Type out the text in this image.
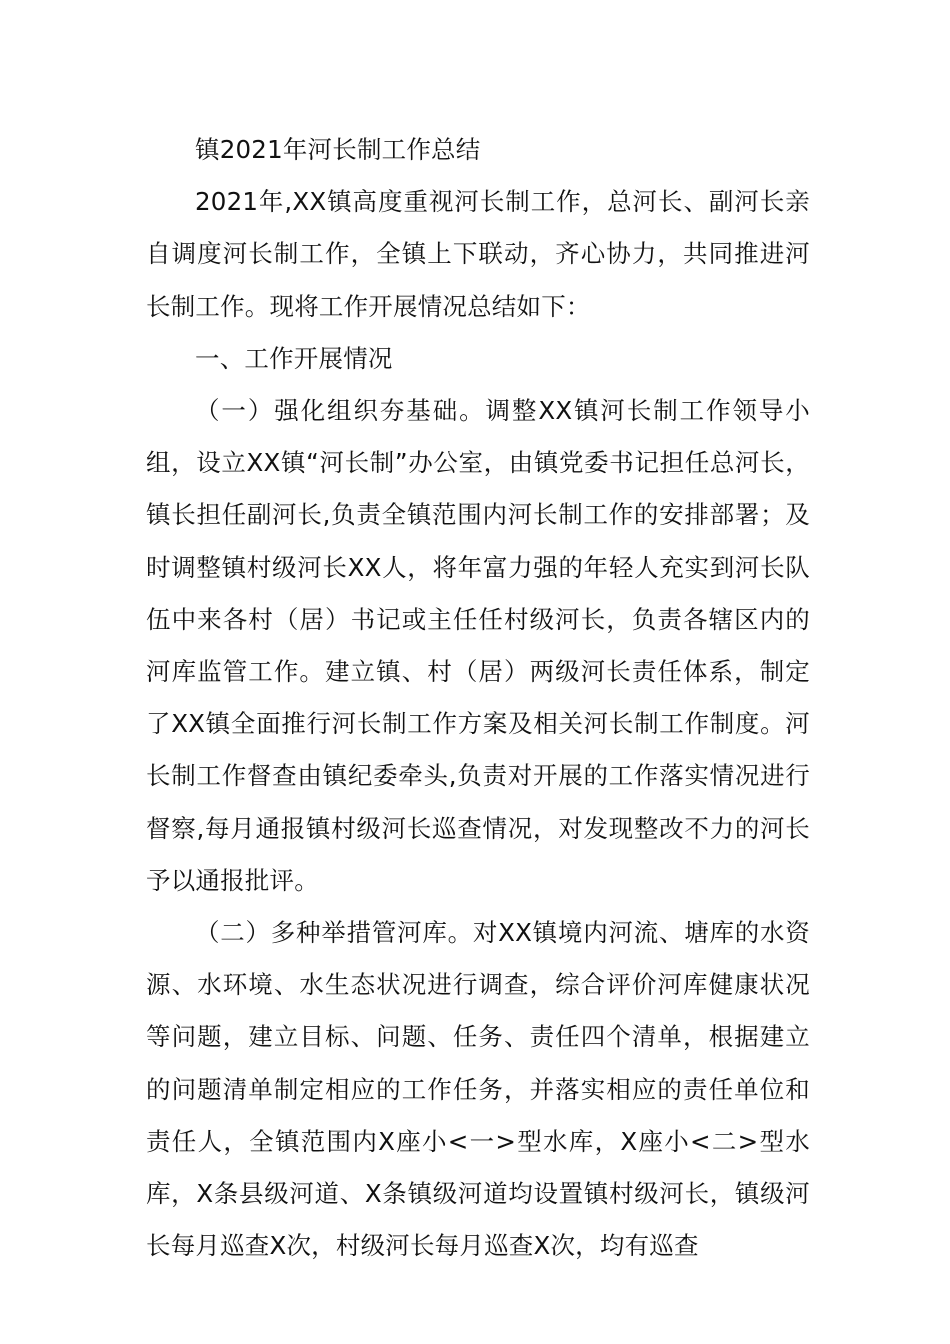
镇2021年河长制工作总结

2021年,XX镇高度重视河长制工作，总河长、副河长亲自调度河长制工作，全镇上下联动，齐心协力，共同推进河长制工作。现将工作开展情况总结如下：

一、工作开展情况

（一）强化组织夯基础。调整XX镇河长制工作领导小组，设立XX镇“河长制”办公室，由镇党委书记担任总河长，镇长担任副河长,负责全镇范围内河长制工作的安排部署；及时调整镇村级河长XX人，将年富力强的年轻人充实到河长队伍中来各村（居）书记或主任任村级河长，负责各辖区内的河库监管工作。建立镇、村（居）两级河长责任体系，制定了XX镇全面推行河长制工作方案及相关河长制工作制度。河长制工作督查由镇纪委牵头,负责对开展的工作落实情况进行督察,每月通报镇村级河长巡查情况，对发现整改不力的河长予以通报批评。

（二）多种举措管河库。对XX镇境内河流、塘库的水资源、水环境、水生态状况进行调查，综合评价河库健康状况等问题，建立目标、问题、任务、责任四个清单，根据建立的问题清单制定相应的工作任务，并落实相应的责任单位和责任人，全镇范围内X座小<一>型水库，X座小<二>型水库，X条县级河道、X条镇级河道均设置镇村级河长，镇级河长每月巡查X次，村级河长每月巡查X次，均有巡查
